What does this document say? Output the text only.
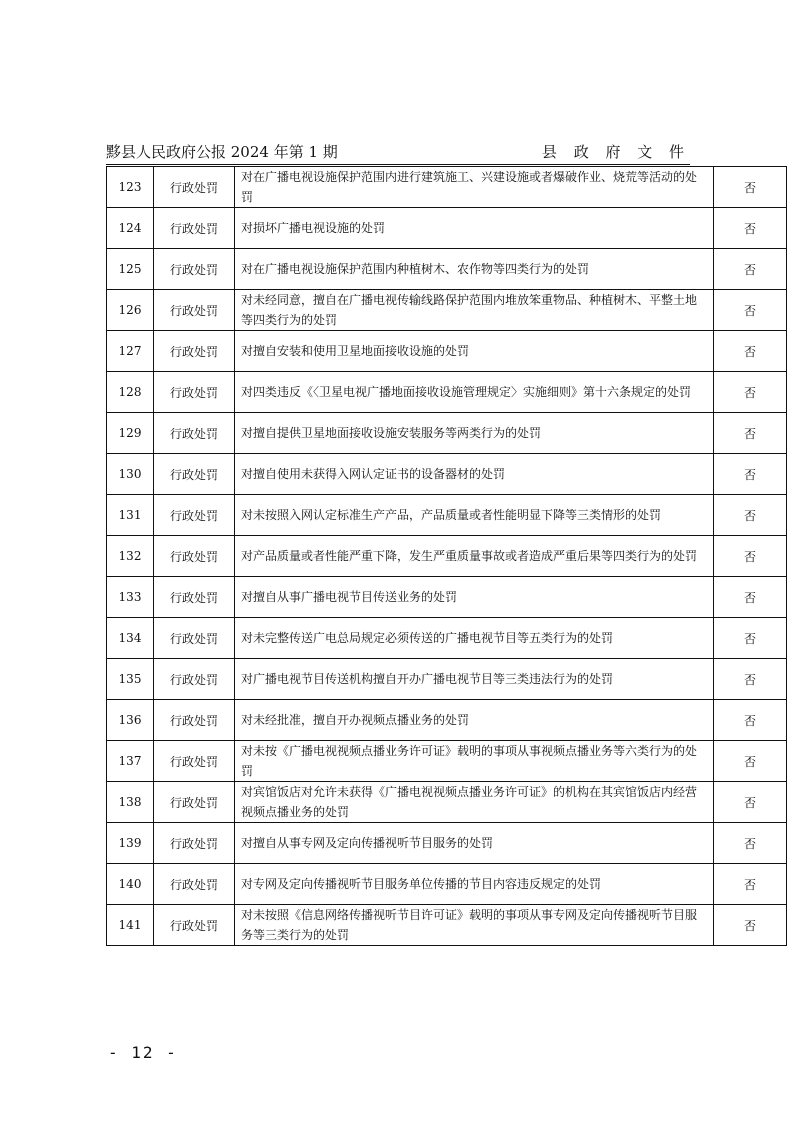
黟县人民政府公报 2024 年第 1 期	县 政 府 文 件
123	行政处罚	对在广播电视设施保护范围内进行建筑施工、兴建设施或者爆破作业、烧荒等活动的处罚	否
124	行政处罚	对损坏广播电视设施的处罚	否
125	行政处罚	对在广播电视设施保护范围内种植树木、农作物等四类行为的处罚	否
126	行政处罚	对未经同意，擅自在广播电视传输线路保护范围内堆放笨重物品、种植树木、平整土地等四类行为的处罚	否
127	行政处罚	对擅自安装和使用卫星地面接收设施的处罚	否
128	行政处罚	对四类违反《〈卫星电视广播地面接收设施管理规定〉实施细则》第十六条规定的处罚	否
129	行政处罚	对擅自提供卫星地面接收设施安装服务等两类行为的处罚	否
130	行政处罚	对擅自使用未获得入网认定证书的设备器材的处罚	否
131	行政处罚	对未按照入网认定标准生产产品，产品质量或者性能明显下降等三类情形的处罚	否
132	行政处罚	对产品质量或者性能严重下降，发生严重质量事故或者造成严重后果等四类行为的处罚	否
133	行政处罚	对擅自从事广播电视节目传送业务的处罚	否
134	行政处罚	对未完整传送广电总局规定必须传送的广播电视节目等五类行为的处罚	否
135	行政处罚	对广播电视节目传送机构擅自开办广播电视节目等三类违法行为的处罚	否
136	行政处罚	对未经批准，擅自开办视频点播业务的处罚	否
137	行政处罚	对未按《广播电视视频点播业务许可证》载明的事项从事视频点播业务等六类行为的处罚	否
138	行政处罚	对宾馆饭店对允许未获得《广播电视视频点播业务许可证》的机构在其宾馆饭店内经营视频点播业务的处罚	否
139	行政处罚	对擅自从事专网及定向传播视听节目服务的处罚	否
140	行政处罚	对专网及定向传播视听节目服务单位传播的节目内容违反规定的处罚	否
141	行政处罚	对未按照《信息网络传播视听节目许可证》载明的事项从事专网及定向传播视听节目服务等三类行为的处罚	否
- 12 -
